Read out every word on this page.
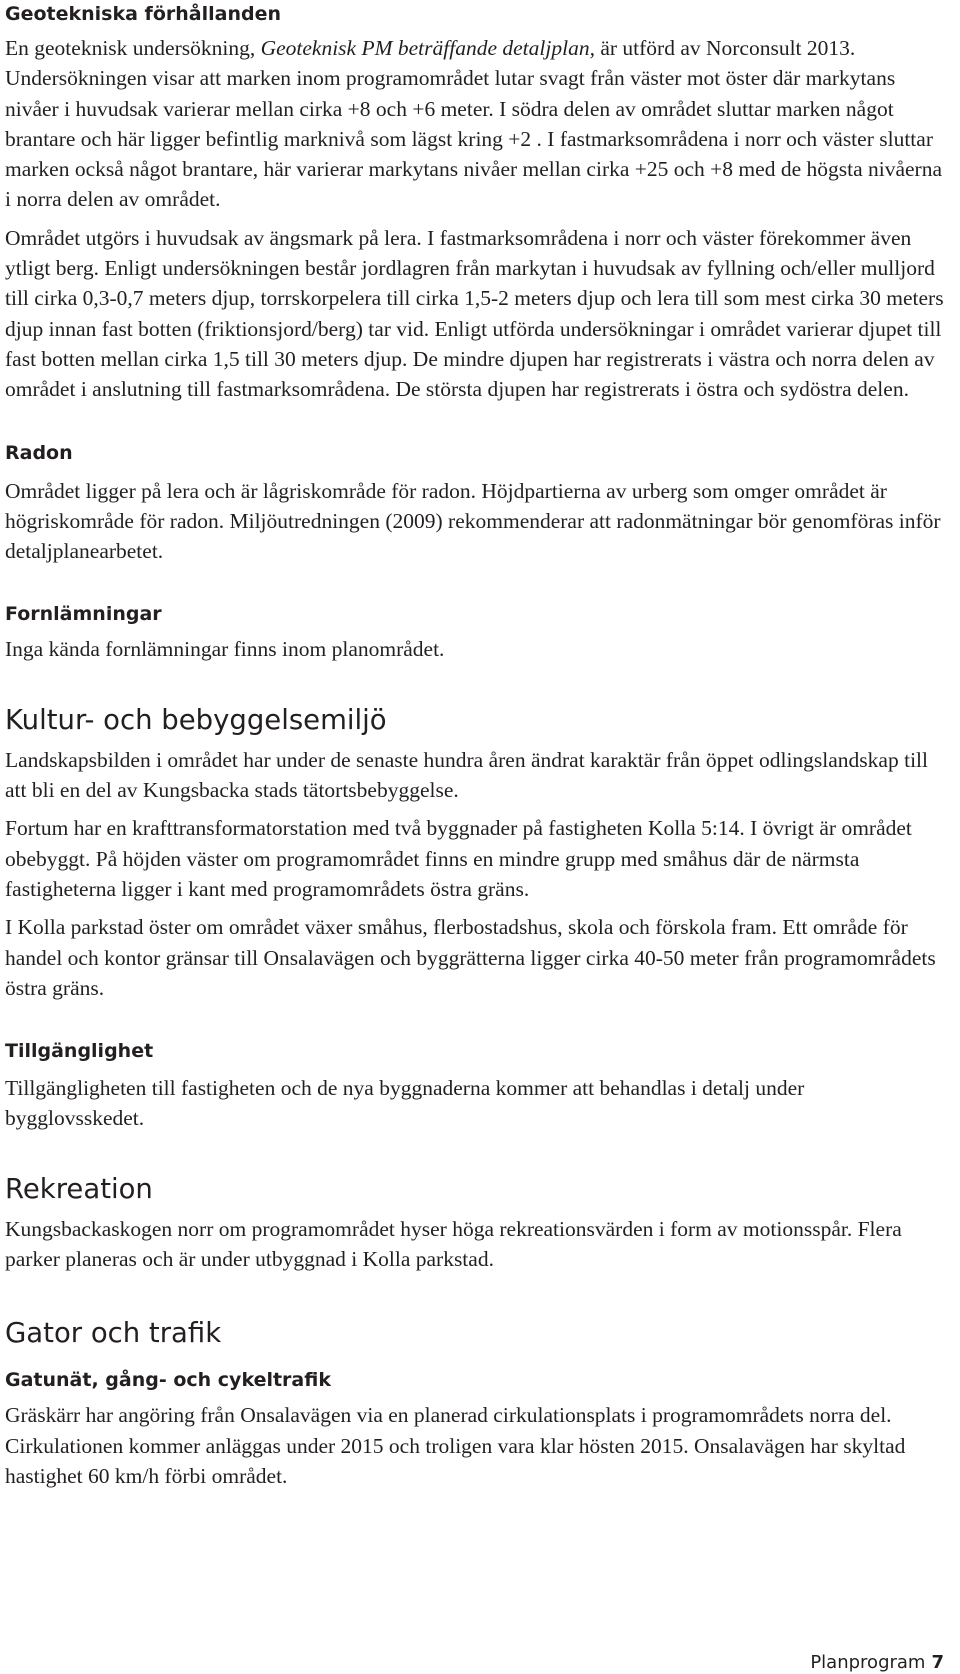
Geotekniska förhållanden

En geoteknisk undersökning, Geoteknisk PM beträffande detaljplan, är utförd av Norconsult 2013. Undersökningen visar att marken inom programområdet lutar svagt från väster mot öster där markytans nivåer i huvudsak varierar mellan cirka +8 och +6 meter. I södra delen av området sluttar marken något brantare och här ligger befintlig marknivå som lägst kring +2 . I fastmarksområdena i norr och väster sluttar marken också något brantare, här varierar markytans nivåer mellan cirka +25 och +8 med de högsta nivåerna i norra delen av området.

Området utgörs i huvudsak av ängsmark på lera. I fastmarksområdena i norr och väster förekommer även ytligt berg. Enligt undersökningen består jordlagren från markytan i huvudsak av fyllning och/eller mulljord till cirka 0,3-0,7 meters djup, torrskorpelera till cirka 1,5-2 meters djup och lera till som mest cirka 30 meters djup innan fast botten (friktionsjord/berg) tar vid. Enligt utförda undersökningar i området varierar djupet till fast botten mellan cirka 1,5 till 30 meters djup. De mindre djupen har registrerats i västra och norra delen av området i anslutning till fastmarksområdena. De största djupen har registrerats i östra och sydöstra delen.

Radon

Området ligger på lera och är lågriskområde för radon. Höjdpartierna av urberg som omger området är högriskområde för radon. Miljöutredningen (2009) rekommenderar att radonmätningar bör genomföras inför detaljplanearbetet.

Fornlämningar

Inga kända fornlämningar finns inom planområdet.

Kultur- och bebyggelsemiljö

Landskapsbilden i området har under de senaste hundra åren ändrat karaktär från öppet odlingslandskap till att bli en del av Kungsbacka stads tätortsbebyggelse.

Fortum har en krafttransformatorstation med två byggnader på fastigheten Kolla 5:14. I övrigt är området obebyggt. På höjden väster om programområdet finns en mindre grupp med småhus där de närmsta fastigheterna ligger i kant med programområdets östra gräns.

I Kolla parkstad öster om området växer småhus, flerbostadshus, skola och förskola fram. Ett område för handel och kontor gränsar till Onsalavägen och byggrätterna ligger cirka 40-50 meter från programområdets östra gräns.

Tillgänglighet

Tillgängligheten till fastigheten och de nya byggnaderna kommer att behandlas i detalj under bygglovsskedet.

Rekreation

Kungsbackaskogen norr om programområdet hyser höga rekreationsvärden i form av motionsspår. Flera parker planeras och är under utbyggnad i Kolla parkstad.

Gator och trafik
Gatunät, gång- och cykeltrafik

Gräskärr har angöring från Onsalavägen via en planerad cirkulationsplats i programområdets norra del. Cirkulationen kommer anläggas under 2015 och troligen vara klar hösten 2015. Onsalavägen har skyltad hastighet 60 km/h förbi området.

Planprogram 7
